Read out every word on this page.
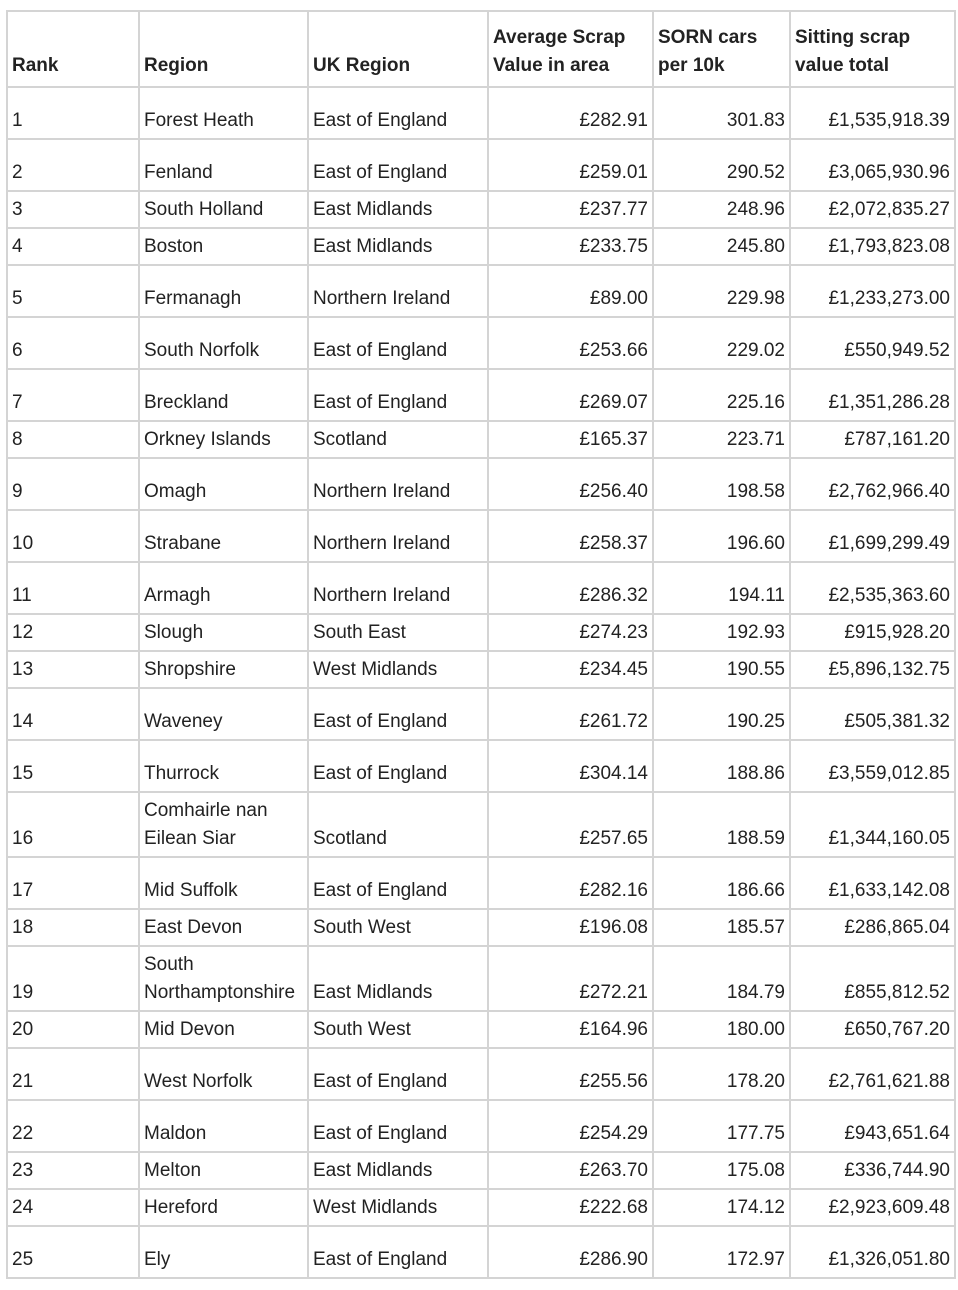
Rank	Region	UK Region	Average Scrap Value in area	SORN cars per 10k	Sitting scrap value total
1	Forest Heath	East of England	£282.91	301.83	£1,535,918.39
2	Fenland	East of England	£259.01	290.52	£3,065,930.96
3	South Holland	East Midlands	£237.77	248.96	£2,072,835.27
4	Boston	East Midlands	£233.75	245.80	£1,793,823.08
5	Fermanagh	Northern Ireland	£89.00	229.98	£1,233,273.00
6	South Norfolk	East of England	£253.66	229.02	£550,949.52
7	Breckland	East of England	£269.07	225.16	£1,351,286.28
8	Orkney Islands	Scotland	£165.37	223.71	£787,161.20
9	Omagh	Northern Ireland	£256.40	198.58	£2,762,966.40
10	Strabane	Northern Ireland	£258.37	196.60	£1,699,299.49
11	Armagh	Northern Ireland	£286.32	194.11	£2,535,363.60
12	Slough	South East	£274.23	192.93	£915,928.20
13	Shropshire	West Midlands	£234.45	190.55	£5,896,132.75
14	Waveney	East of England	£261.72	190.25	£505,381.32
15	Thurrock	East of England	£304.14	188.86	£3,559,012.85
16	Comhairle nan Eilean Siar	Scotland	£257.65	188.59	£1,344,160.05
17	Mid Suffolk	East of England	£282.16	186.66	£1,633,142.08
18	East Devon	South West	£196.08	185.57	£286,865.04
19	South Northamptonshire	East Midlands	£272.21	184.79	£855,812.52
20	Mid Devon	South West	£164.96	180.00	£650,767.20
21	West Norfolk	East of England	£255.56	178.20	£2,761,621.88
22	Maldon	East of England	£254.29	177.75	£943,651.64
23	Melton	East Midlands	£263.70	175.08	£336,744.90
24	Hereford	West Midlands	£222.68	174.12	£2,923,609.48
25	Ely	East of England	£286.90	172.97	£1,326,051.80
